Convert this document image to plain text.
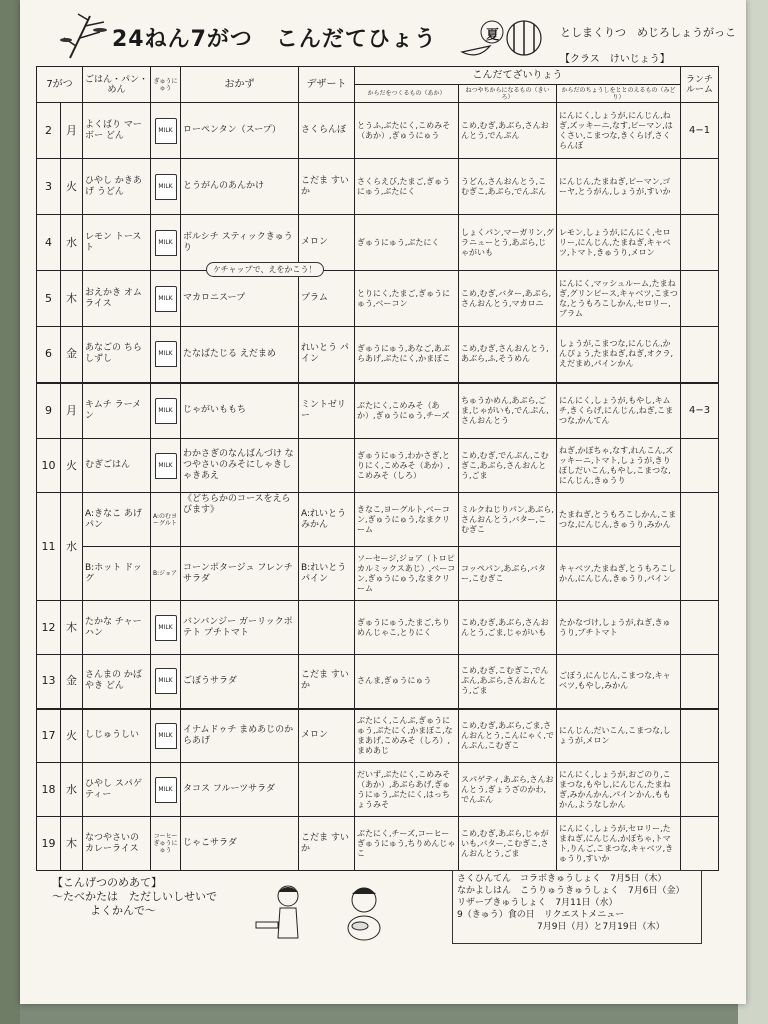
24ねん7がつ　こんだてひょう	夏	としまくりつ　めじろしょうがっこ
【クラス　けいじょう】
7がつ		ごはん・パン・めん	ぎゅうにゅう	おかず	デザート	こんだてざいりょう			ランチルーム
						からだをつくるもの（あか）	ねつやちからになるもの（きいろ）	からだのちょうしをととのえるもの（みどり）	
2	月	よくばり マーボー どん	MILK	ローペンタン（スープ）	さくらんぼ	とうふ,ぶたにく,こめみそ（あか）,ぎゅうにゅう	こめ,むぎ,あぶら,さんおんとう,でんぷん	にんにく,しょうが,にんじん,ねぎ,ズッキーニ,なす,ピーマン,はくさい,こまつな,きくらげ,さくらんぼ	4−1
3	火	ひやし かきあげ うどん	MILK	とうがんのあんかけ	こだま すいか	さくらえび,たまご,ぎゅうにゅう,ぶたにく	うどん,さんおんとう,こむぎこ,あぶら,でんぷん	にんじん,たまねぎ,ピーマン,ゴーヤ,とうがん,しょうが,すいか	
4	水	レモン トースト	MILK	ボルシチ スティックきゅうり	メロン	ぎゅうにゅう,ぶたにく	しょくパン,マーガリン,グラニューとう,あぶら,じゃがいも	レモン,しょうが,にんにく,セロリー,にんじん,たまねぎ,キャベツ,トマト,きゅうり,メロン	
5	木	おえかき オムライス	MILK	マカロニスープ	プラム	とりにく,たまご,ぎゅうにゅう,ベーコン	こめ,むぎ,バター,あぶら,さんおんとう,マカロニ	にんにく,マッシュルーム,たまねぎ,グリンピース,キャベツ,こまつな,とうもろこしかん,セロリー,プラム	
6	金	あなごの ちらしずし	MILK	たなばたじる えだまめ	れいとう パイン	ぎゅうにゅう,あなご,あぶらあげ,ぶたにく,かまぼこ	こめ,むぎ,さんおんとう,あぶら,ふ,そうめん	しょうが,こまつな,にんじん,かんぴょう,たまねぎ,ねぎ,オクラ,えだまめ,パインかん	
9	月	キムチ ラーメン	MILK	じゃがいももち	ミントゼリー	ぶたにく,こめみそ（あか）,ぎゅうにゅう,チーズ	ちゅうかめん,あぶら,ごま,じゃがいも,でんぷん,さんおんとう	にんにく,しょうが,もやし,キムチ,きくらげ,にんじん,ねぎ,こまつな,かんてん	4−3
10	火	むぎごはん	MILK	わかさぎのなんばんづけ なつやさいのみそにしゃきしゃきあえ		ぎゅうにゅう,わかさぎ,とりにく,こめみそ（あか）,こめみそ（しろ）	こめ,むぎ,でんぷん,こむぎこ,あぶら,さんおんとう,ごま	ねぎ,かぼちゃ,なす,れんこん,ズッキーニ,トマト,しょうが,きりぼしだいこん,もやし,こまつな,にんじん,きゅうり	
11	水	A:きなこ あげパン	A:のむヨーグルト	《どちらかのコースをえらびます》	A:れいとう みかん	きなこ,ヨーグルト,ベーコン,ぎゅうにゅう,なまクリーム	ミルクねじりパン,あぶら,さんおんとう,バター,こむぎこ	たまねぎ,とうもろこしかん,こまつな,にんじん,きゅうり,みかん	
		B:ホット ドッグ	B:ジョア	コーンポタージュ フレンチサラダ	B:れいとう パイン	ソーセージ,ジョア（トロピカルミックスあじ）,ベーコン,ぎゅうにゅう,なまクリーム	コッペパン,あぶら,バター,こむぎこ	キャベツ,たまねぎ,とうもろこしかん,にんじん,きゅうり,パイン	
12	木	たかな チャーハン	MILK	バンバンジー ガーリックポテト プチトマト		ぎゅうにゅう,たまご,ちりめんじゃこ,とりにく	こめ,むぎ,あぶら,さんおんとう,ごま,じゃがいも	たかなづけ,しょうが,ねぎ,きゅうり,プチトマト	
13	金	さんまの かばやき どん	MILK	ごぼうサラダ	こだま すいか	さんま,ぎゅうにゅう	こめ,むぎ,こむぎこ,でんぷん,あぶら,さんおんとう,ごま	ごぼう,にんじん,こまつな,キャベツ,もやし,みかん	
17	火	しじゅうしい	MILK	イナムドゥチ まめあじのからあげ	メロン	ぶたにく,こんぶ,ぎゅうにゅう,ぶたにく,かまぼこ,なまあげ,こめみそ（しろ）,まめあじ	こめ,むぎ,あぶら,ごま,さんおんとう,こんにゃく,でんぷん,こむぎこ	にんじん,だいこん,こまつな,しょうが,メロン	
18	水	ひやし スパゲティー	MILK	タコス フルーツサラダ		だいず,ぶたにく,こめみそ（あか）,あぶらあげ,ぎゅうにゅう,ぶたにく,はっちょうみそ	スパゲティ,あぶら,さんおんとう,ぎょうざのかわ,でんぷん	にんにく,しょうが,おごのり,こまつな,もやし,にんじん,たまねぎ,みかんかん,パインかん,ももかん,ようなしかん	
19	木	なつやさいの カレーライス	コーヒー ぎゅうにゅう	じゃこサラダ	こだま すいか	ぶたにく,チーズ,コーヒーぎゅうにゅう,ちりめんじゃこ	こめ,むぎ,あぶら,じゃがいも,バター,こむぎこ,さんおんとう,ごま	にんにく,しょうが,セロリー,たまねぎ,にんじん,かぼちゃ,トマト,りんご,こまつな,キャベツ,きゅうり,すいか	
ケチャップで、えをかこう！
【こんげつのめあて】
〜たべかたは　ただしいしせいで
よくかんで〜
さくひんてん　コラボきゅうしょく　7月5日（木）
なかよしはん　こうりゅうきゅうしょく　7月6日（金）
リザーブきゅうしょく　7月11日（水）
9（きゅう）食の日　リクエストメニュー
7月9日（月）と7月19日（木）
